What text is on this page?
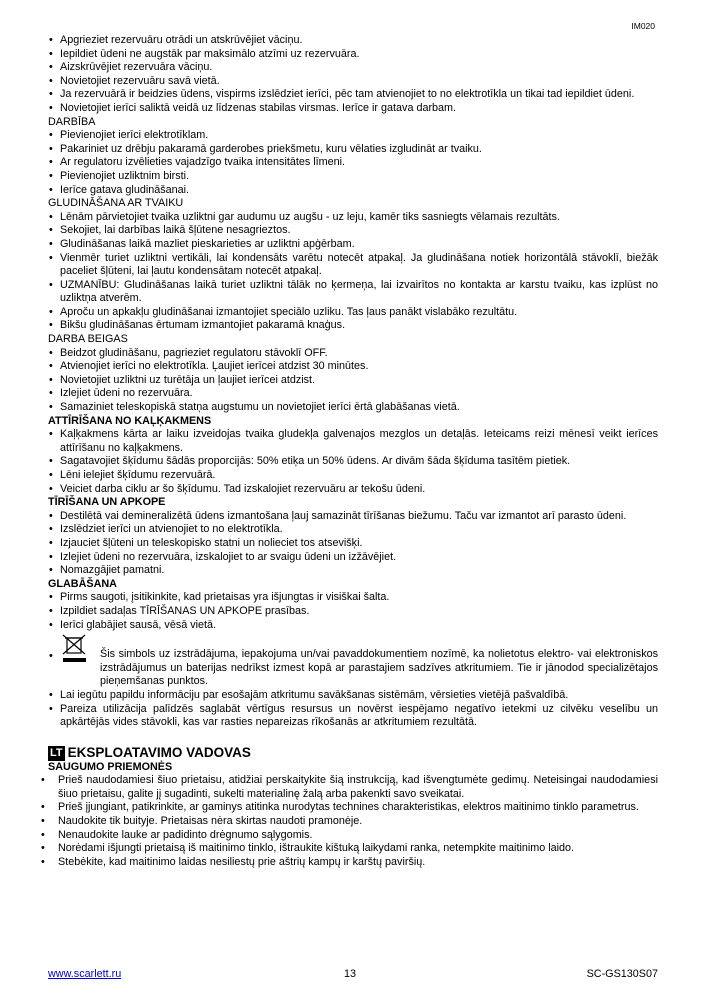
IM020
• Apgrieziet rezervuāru otrādi un atskrūvējiet vāciņu.
• Iepildiet ūdeni ne augstāk par maksimālo atzīmi uz rezervuāra.
• Aizskrūvējiet rezervuāra vāciņu.
• Novietojiet rezervuāru savā vietā.
• Ja rezervuārā ir beidzies ūdens, vispirms izslēdziet ierīci, pēc tam atvienojiet to no elektrotīkla un tikai tad iepildiet ūdeni.
• Novietojiet ierīci saliktā veidā uz līdzenas stabilas virsmas. Ierīce ir gatava darbam.
DARBĪBA
• Pievienojiet ierīci elektrotīklam.
• Pakariniet uz drēbju pakaramā garderobes priekšmetu, kuru vēlaties izgludināt ar tvaiku.
• Ar regulatoru izvēlieties vajadzīgo tvaika intensitātes līmeni.
• Pievienojiet uzliktnim birsti.
• Ierīce gatava gludināšanai.
GLUDINĀŠANA AR TVAIKU
• Lēnām pārvietojiet tvaika uzliktni gar audumu uz augšu - uz leju, kamēr tiks sasniegts vēlamais rezultāts.
• Sekojiet, lai darbības laikā šļūtene nesagrieztos.
• Gludināšanas laikā mazliet pieskarieties ar uzliktni apģērbam.
• Vienmēr turiet uzliktni vertikāli, lai kondensāts varētu notecēt atpakaļ. Ja gludināšana notiek horizontālā stāvoklī, biežāk paceliet šļūteni, lai ļautu kondensātam notecēt atpakaļ.
• UZMANĪBU: Gludināšanas laikā turiet uzliktni tālāk no ķermeņa, lai izvairītos no kontakta ar karstu tvaiku, kas izplūst no uzliktņa atverēm.
• Aproču un apkakļu gludināšanai izmantojiet speciālo uzliku. Tas ļaus panākt vislabāko rezultātu.
• Bikšu gludināšanas ērtumam izmantojiet pakaramā knaģus.
DARBA BEIGAS
• Beidzot gludināšanu, pagrieziet regulatoru stāvoklī OFF.
• Atvienojiet ierīci no elektrotīkla. Ļaujiet ierīcei atdzist 30 minūtes.
• Novietojiet uzliktni uz turētāja un ļaujiet ierīcei atdzist.
• Izlejiet ūdeni no rezervuāra.
• Samaziniet teleskopiskā statņa augstumu un novietojiet ierīci ērtā glabāšanas vietā.
ATTĪRĪŠANA NO KAĻĶAKMENS
• Kaļķakmens kārta ar laiku izveidojas tvaika gludekļa galvenajos mezglos un detaļās. Ieteicams reizi mēnesī veikt ierīces attīrīšanu no kaļķakmens.
• Sagatavojiet šķīdumu šādās proporcijās: 50% etiķa un 50% ūdens. Ar divām šāda šķīduma tasītēm pietiek.
• Lēni ielejiet šķīdumu rezervuārā.
• Veiciet darba ciklu ar šo šķīdumu. Tad izskalojiet rezervuāru ar tekošu ūdeni.
TĪRĪŠANA UN APKOPE
• Destilētā vai demineralizētā ūdens izmantošana ļauj samazināt tīrīšanas biežumu. Taču var izmantot arī parasto ūdeni.
• Izslēdziet ierīci un atvienojiet to no elektrotīkla.
• Izjauciet šļūteni un teleskopisko statni un nolieciet tos atsevišķi.
• Izlejiet ūdeni no rezervuāra, izskalojiet to ar svaigu ūdeni un izžāvējiet.
• Nomazgājiet pamatni.
GLABĀŠANA
• Pirms saugoti, įsitikinkite, kad prietaisas yra išjungtas ir visiškai šalta.
• Izpildiet sadaļas TĪRĪŠANAS UN APKOPE prasības.
• Ierīci glabājiet sausā, vēsā vietā.

• Šis simbols uz izstrādājuma, iepakojuma un/vai pavaddokumentiem nozīmē, ka nolietotus elektro- vai elektroniskos izstrādājumus un baterijas nedrīkst izmest kopā ar parastajiem sadzīves atkritumiem. Tie ir jānodod specializētajos pieņemšanas punktos.

• Lai iegūtu papildu informāciju par esošajām atkritumu savākšanas sistēmām, vērsieties vietējā pašvaldībā.
• Pareiza utilizācija palīdzēs saglabāt vērtīgus resursus un novērst iespējamo negatīvo ietekmi uz cilvēku veselību un apkārtējās vides stāvokli, kas var rasties nepareizas rīkošanās ar atkritumiem rezultātā.
LT EKSPLOATAVIMO VADOVAS
SAUGUMO PRIEMONĖS
• Prieš naudodamiesi šiuo prietaisu, atidžiai perskaitykite šią instrukciją, kad išvengtumėte gedimų. Neteisingai naudodamiesi šiuo prietaisu, galite jį sugadinti, sukelti materialinę žalą arba pakenkti savo sveikatai.
• Prieš įjungiant, patikrinkite, ar gaminys atitinka nurodytas technines charakteristikas, elektros maitinimo tinklo parametrus.
• Naudokite tik buityje. Prietaisas nėra skirtas naudoti pramonėje.
• Nenaudokite lauke ar padidinto drėgnumo sąlygomis.
• Norėdami išjungti prietaisą iš maitinimo tinklo, ištraukite kištuką laikydami ranka, netempkite maitinimo laido.
• Stebėkite, kad maitinimo laidas nesiliestų prie aštrių kampų ir karštų paviršių.
www.scarlett.ru	13	SC-GS130S07
